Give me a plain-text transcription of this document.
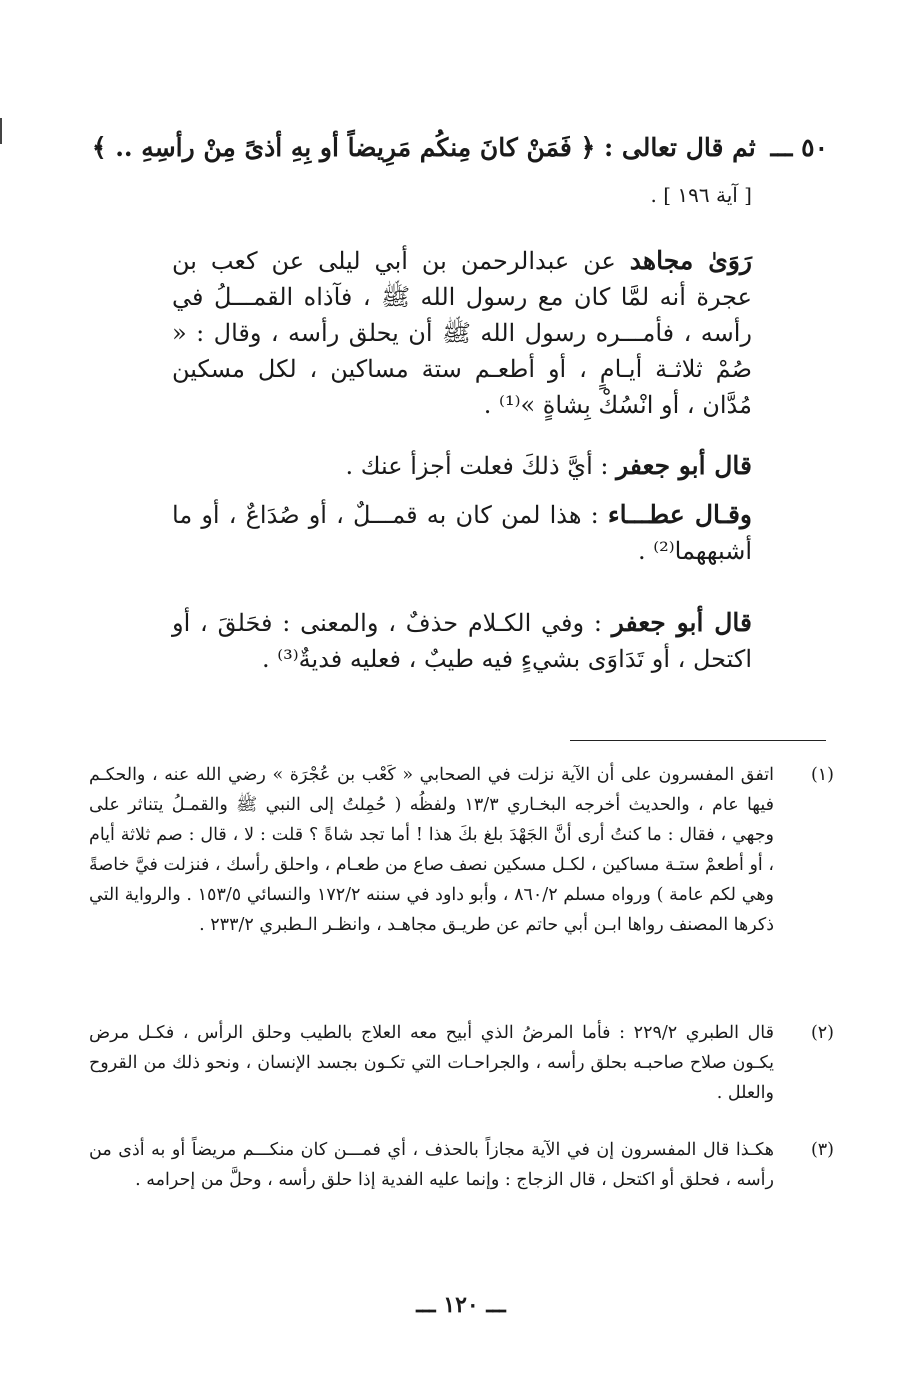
٥٠ ـــ ثم قال تعالى : ﴿ فَمَنْ كانَ مِنكُم مَرِيضاً أو بِهِ أذىً مِنْ رأسِهِ .. ﴾
[ آية ١٩٦ ] .
رَوَىٰ مجاهد عن عبدالرحمن بن أبي ليلى عن كعب بن عجرة أنه لمَّا كان مع رسول الله ﷺ ، فآذاه القمـــلُ في رأسه ، فأمـــره رسول الله ﷺ أن يحلق رأسه ، وقال : « صُمْ ثلاثـة أيـامٍ ، أو أطعـم ستة مساكين ، لكل مسكين مُدَّان ، أو انْسُكْ بِشاةٍ »⁽¹⁾ .
قال أبو جعفر : أيَّ ذلكَ فعلت أجزأ عنك .
وقـال عطـــاء : هذا لمن كان به قمـــلٌ ، أو صُدَاعٌ ، أو ما أشبههما⁽²⁾ .
قال أبو جعفر : وفي الكـلام حذفٌ ، والمعنى : فحَلقَ ، أو اكتحل ، أو تَدَاوَى بشيءٍ فيه طيبٌ ، فعليه فديةٌ⁽³⁾ .
(١)
اتفق المفسرون على أن الآية نزلت في الصحابي « كَعْب بن عُجْرَة » رضي الله عنه ، والحكـم فيها عام ، والحديث أخرجه البخـاري ١٣/٣ ولفظُه ( حُمِلتُ إلى النبي ﷺ والقمـلُ يتناثر على وجهي ، فقال : ما كنتُ أرى أنَّ الجَهْدَ بلغ بكَ هذا ! أما تجد شاةً ؟ قلت : لا ، قال : صم ثلاثة أيام ، أو أطعمْ ستـة مساكين ، لكـل مسكين نصف صاع من طعـام ، واحلق رأسك ، فنزلت فيَّ خاصةً وهي لكم عامة ) ورواه مسلم ٨٦٠/٢ ، وأبو داود في سننه ١٧٢/٢ والنسائي ١٥٣/٥ . والرواية التي ذكرها المصنف رواها ابـن أبي حاتم عن طريـق مجاهـد ، وانظـر الـطبري ٢٣٣/٢ .
(٢)
قال الطبري ٢٢٩/٢ : فأما المرضُ الذي أبيح معه العلاج بالطيب وحلق الرأس ، فكـل مرض يكـون صلاح صاحبـه بحلق رأسه ، والجراحـات التي تكـون بجسد الإنسان ، ونحو ذلك من القروح والعلل .
(٣)
هكـذا قال المفسرون إن في الآية مجازاً بالحذف ، أي فمـــن كان منكـــم مريضاً أو به أذى من رأسه ، فحلق أو اكتحل ، قال الزجاج : وإنما عليه الفدية إذا حلق رأسه ، وحلَّ من إحرامه .
ـــ ١٢٠ ـــ
